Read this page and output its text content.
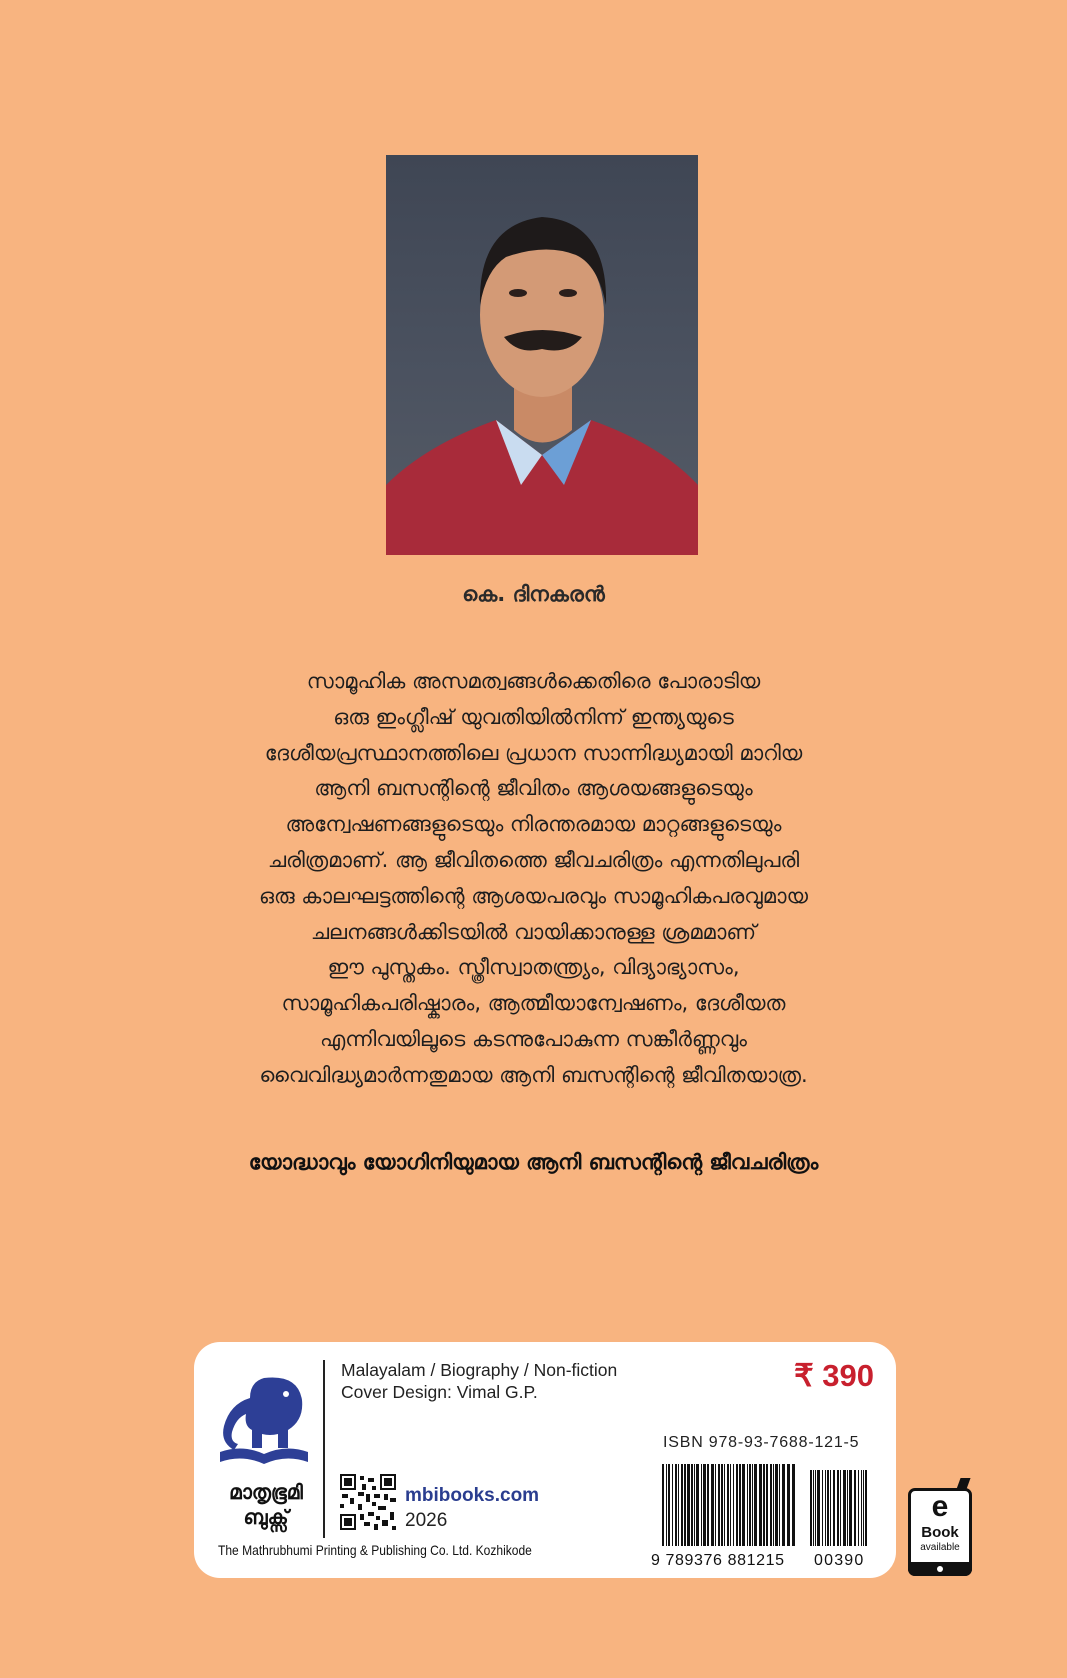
കെ. ദിനകരൻ
സാമൂഹിക അസമത്വങ്ങൾക്കെതിരെ പോരാടിയ
ഒരു ഇംഗ്ലീഷ് യുവതിയിൽനിന്ന് ഇന്ത്യയുടെ
ദേശീയപ്രസ്ഥാനത്തിലെ പ്രധാന സാന്നിദ്ധ്യമായി മാറിയ
ആനി ബസന്റിന്റെ ജീവിതം ആശയങ്ങളുടെയും
അന്വേഷണങ്ങളുടെയും നിരന്തരമായ മാറ്റങ്ങളുടെയും
ചരിത്രമാണ്. ആ ജീവിതത്തെ ജീവചരിത്രം എന്നതിലുപരി
ഒരു കാലഘട്ടത്തിന്റെ ആശയപരവും സാമൂഹികപരവുമായ
ചലനങ്ങൾക്കിടയിൽ വായിക്കാനുള്ള ശ്രമമാണ്
ഈ പുസ്തകം. സ്ത്രീസ്വാതന്ത്ര്യം, വിദ്യാഭ്യാസം,
സാമൂഹികപരിഷ്കാരം, ആത്മീയാന്വേഷണം, ദേശീയത
എന്നിവയിലൂടെ കടന്നുപോകുന്ന സങ്കീർണ്ണവും
വൈവിദ്ധ്യമാർന്നതുമായ ആനി ബസന്റിന്റെ ജീവിതയാത്ര.
യോദ്ധാവും യോഗിനിയുമായ ആനി ബസന്റിന്റെ ജീവചരിത്രം
മാതൃഭൂമി
ബുക്സ്
The Mathrubhumi Printing & Publishing Co. Ltd. Kozhikode
Malayalam / Biography / Non-fiction
Cover Design: Vimal G.P.	₹ 390
mbibooks.com
2026
ISBN 978-93-7688-121-5
9 789376 881215 00390
e
Book
available
